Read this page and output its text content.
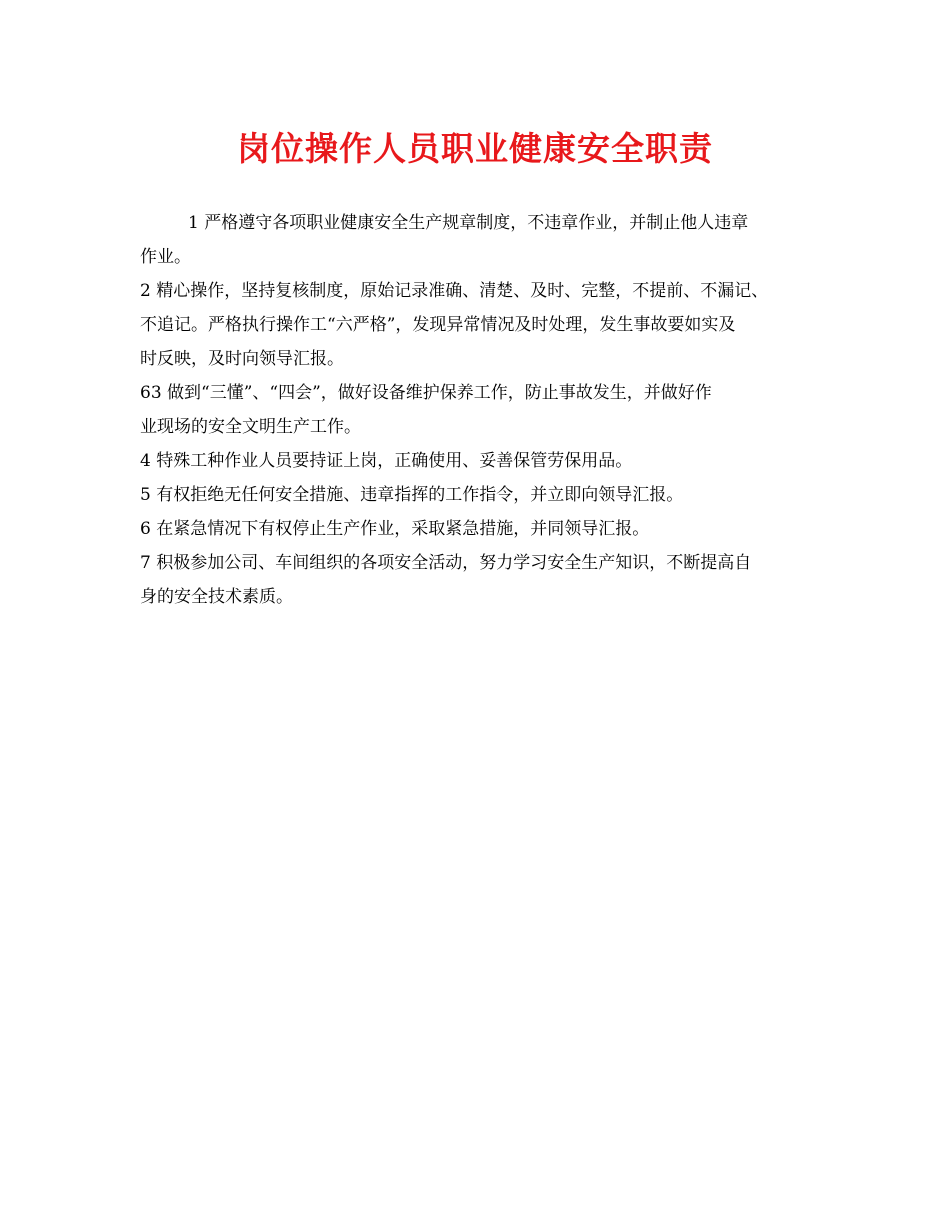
岗位操作人员职业健康安全职责
1 严格遵守各项职业健康安全生产规章制度，不违章作业，并制止他人违章
作业。
2 精心操作，坚持复核制度，原始记录准确、清楚、及时、完整，不提前、不漏记、
不追记。严格执行操作工“六严格”，发现异常情况及时处理，发生事故要如实及
时反映，及时向领导汇报。
63 做到“三懂”、“四会”，做好设备维护保养工作，防止事故发生，并做好作
业现场的安全文明生产工作。
4 特殊工种作业人员要持证上岗，正确使用、妥善保管劳保用品。
5 有权拒绝无任何安全措施、违章指挥的工作指令，并立即向领导汇报。
6 在紧急情况下有权停止生产作业，采取紧急措施，并同领导汇报。
7 积极参加公司、车间组织的各项安全活动，努力学习安全生产知识，不断提高自
身的安全技术素质。
